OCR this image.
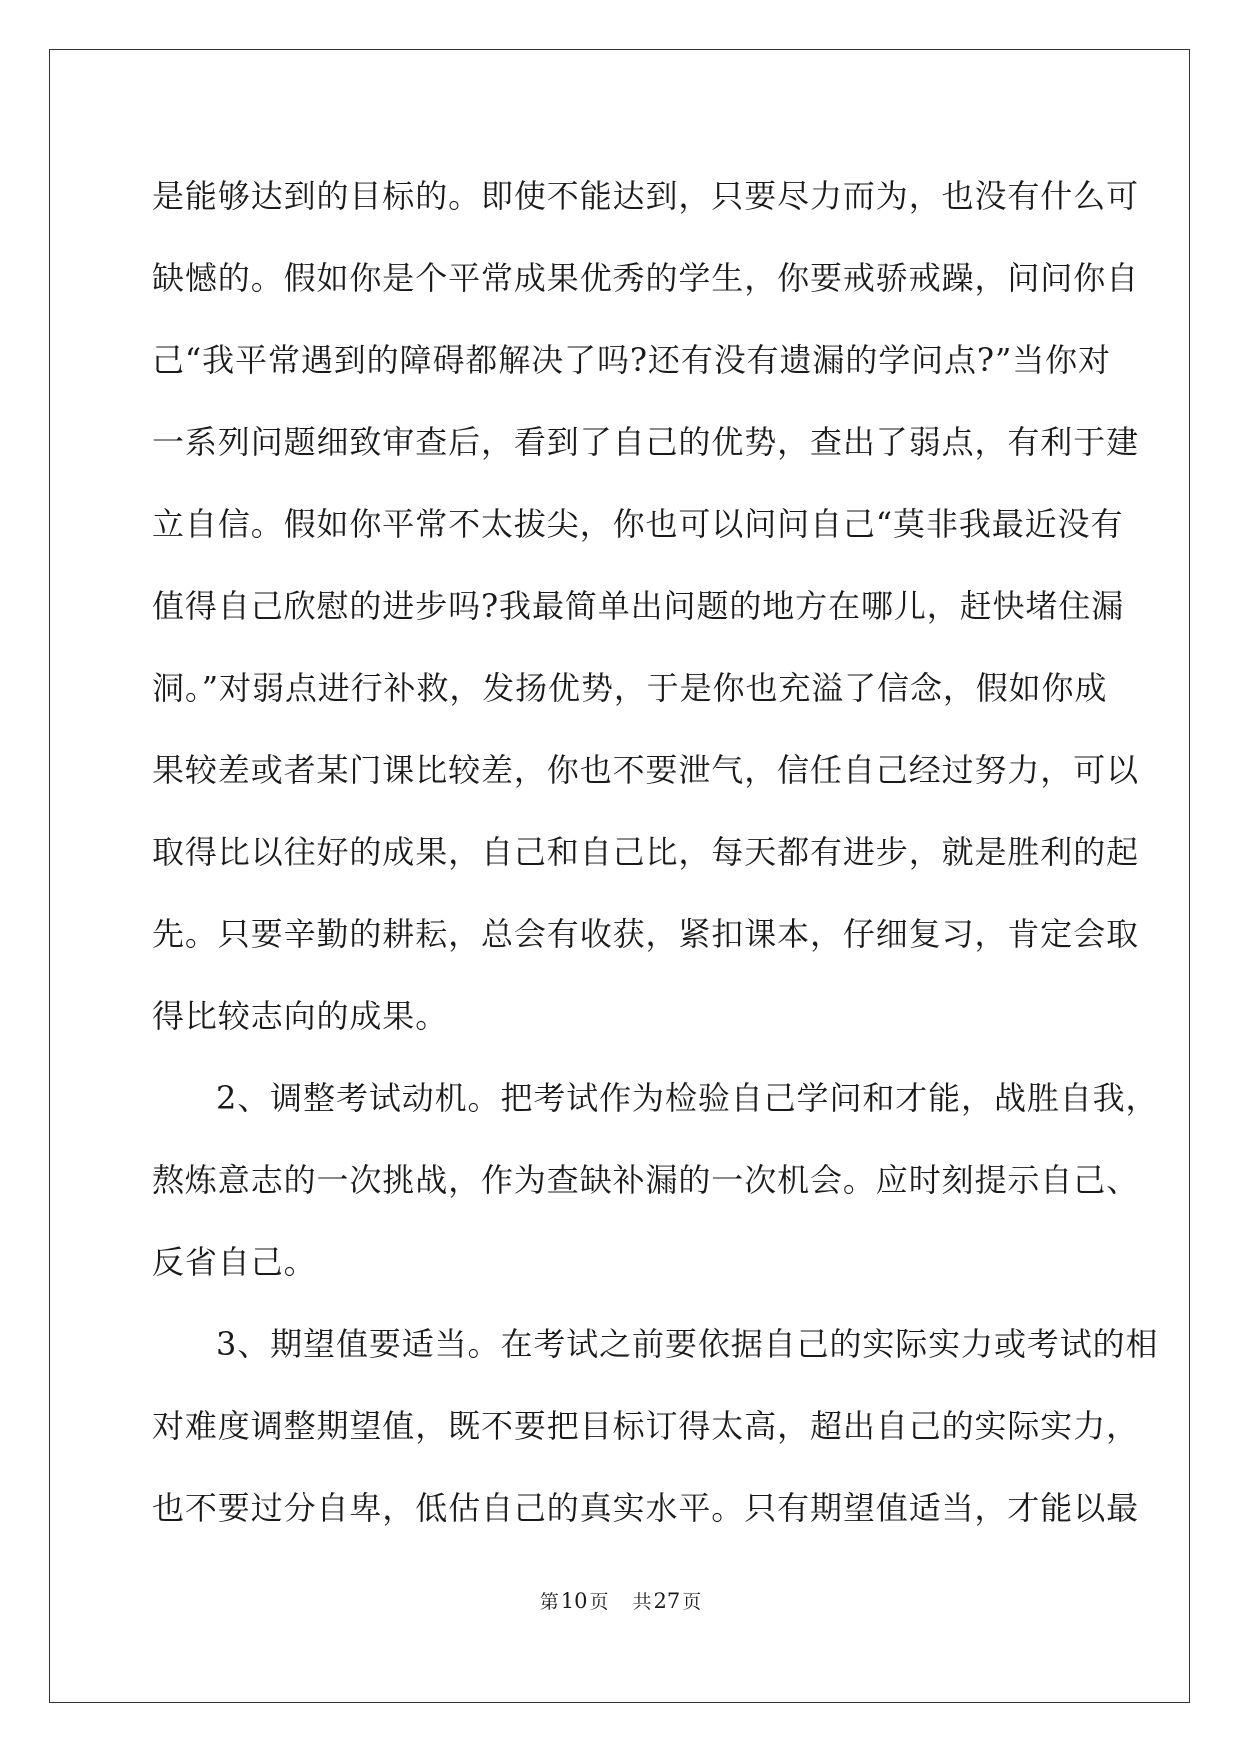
是能够达到的目标的。即使不能达到，只要尽力而为，也没有什么可
缺憾的。假如你是个平常成果优秀的学生，你要戒骄戒躁，问问你自
己“我平常遇到的障碍都解决了吗?还有没有遗漏的学问点?”当你对
一系列问题细致审查后，看到了自己的优势，查出了弱点，有利于建
立自信。假如你平常不太拔尖，你也可以问问自己“莫非我最近没有
值得自己欣慰的进步吗?我最简单出问题的地方在哪儿，赶快堵住漏
洞。”对弱点进行补救，发扬优势，于是你也充溢了信念，假如你成
果较差或者某门课比较差，你也不要泄气，信任自己经过努力，可以
取得比以往好的成果，自己和自己比，每天都有进步，就是胜利的起
先。只要辛勤的耕耘，总会有收获，紧扣课本，仔细复习，肯定会取
得比较志向的成果。
2、调整考试动机。把考试作为检验自己学问和才能，战胜自我，
熬炼意志的一次挑战，作为查缺补漏的一次机会。应时刻提示自己、
反省自己。
3、期望值要适当。在考试之前要依据自己的实际实力或考试的相
对难度调整期望值，既不要把目标订得太高，超出自己的实际实力，
也不要过分自卑，低估自己的真实水平。只有期望值适当，才能以最
第10 页 共27 页
